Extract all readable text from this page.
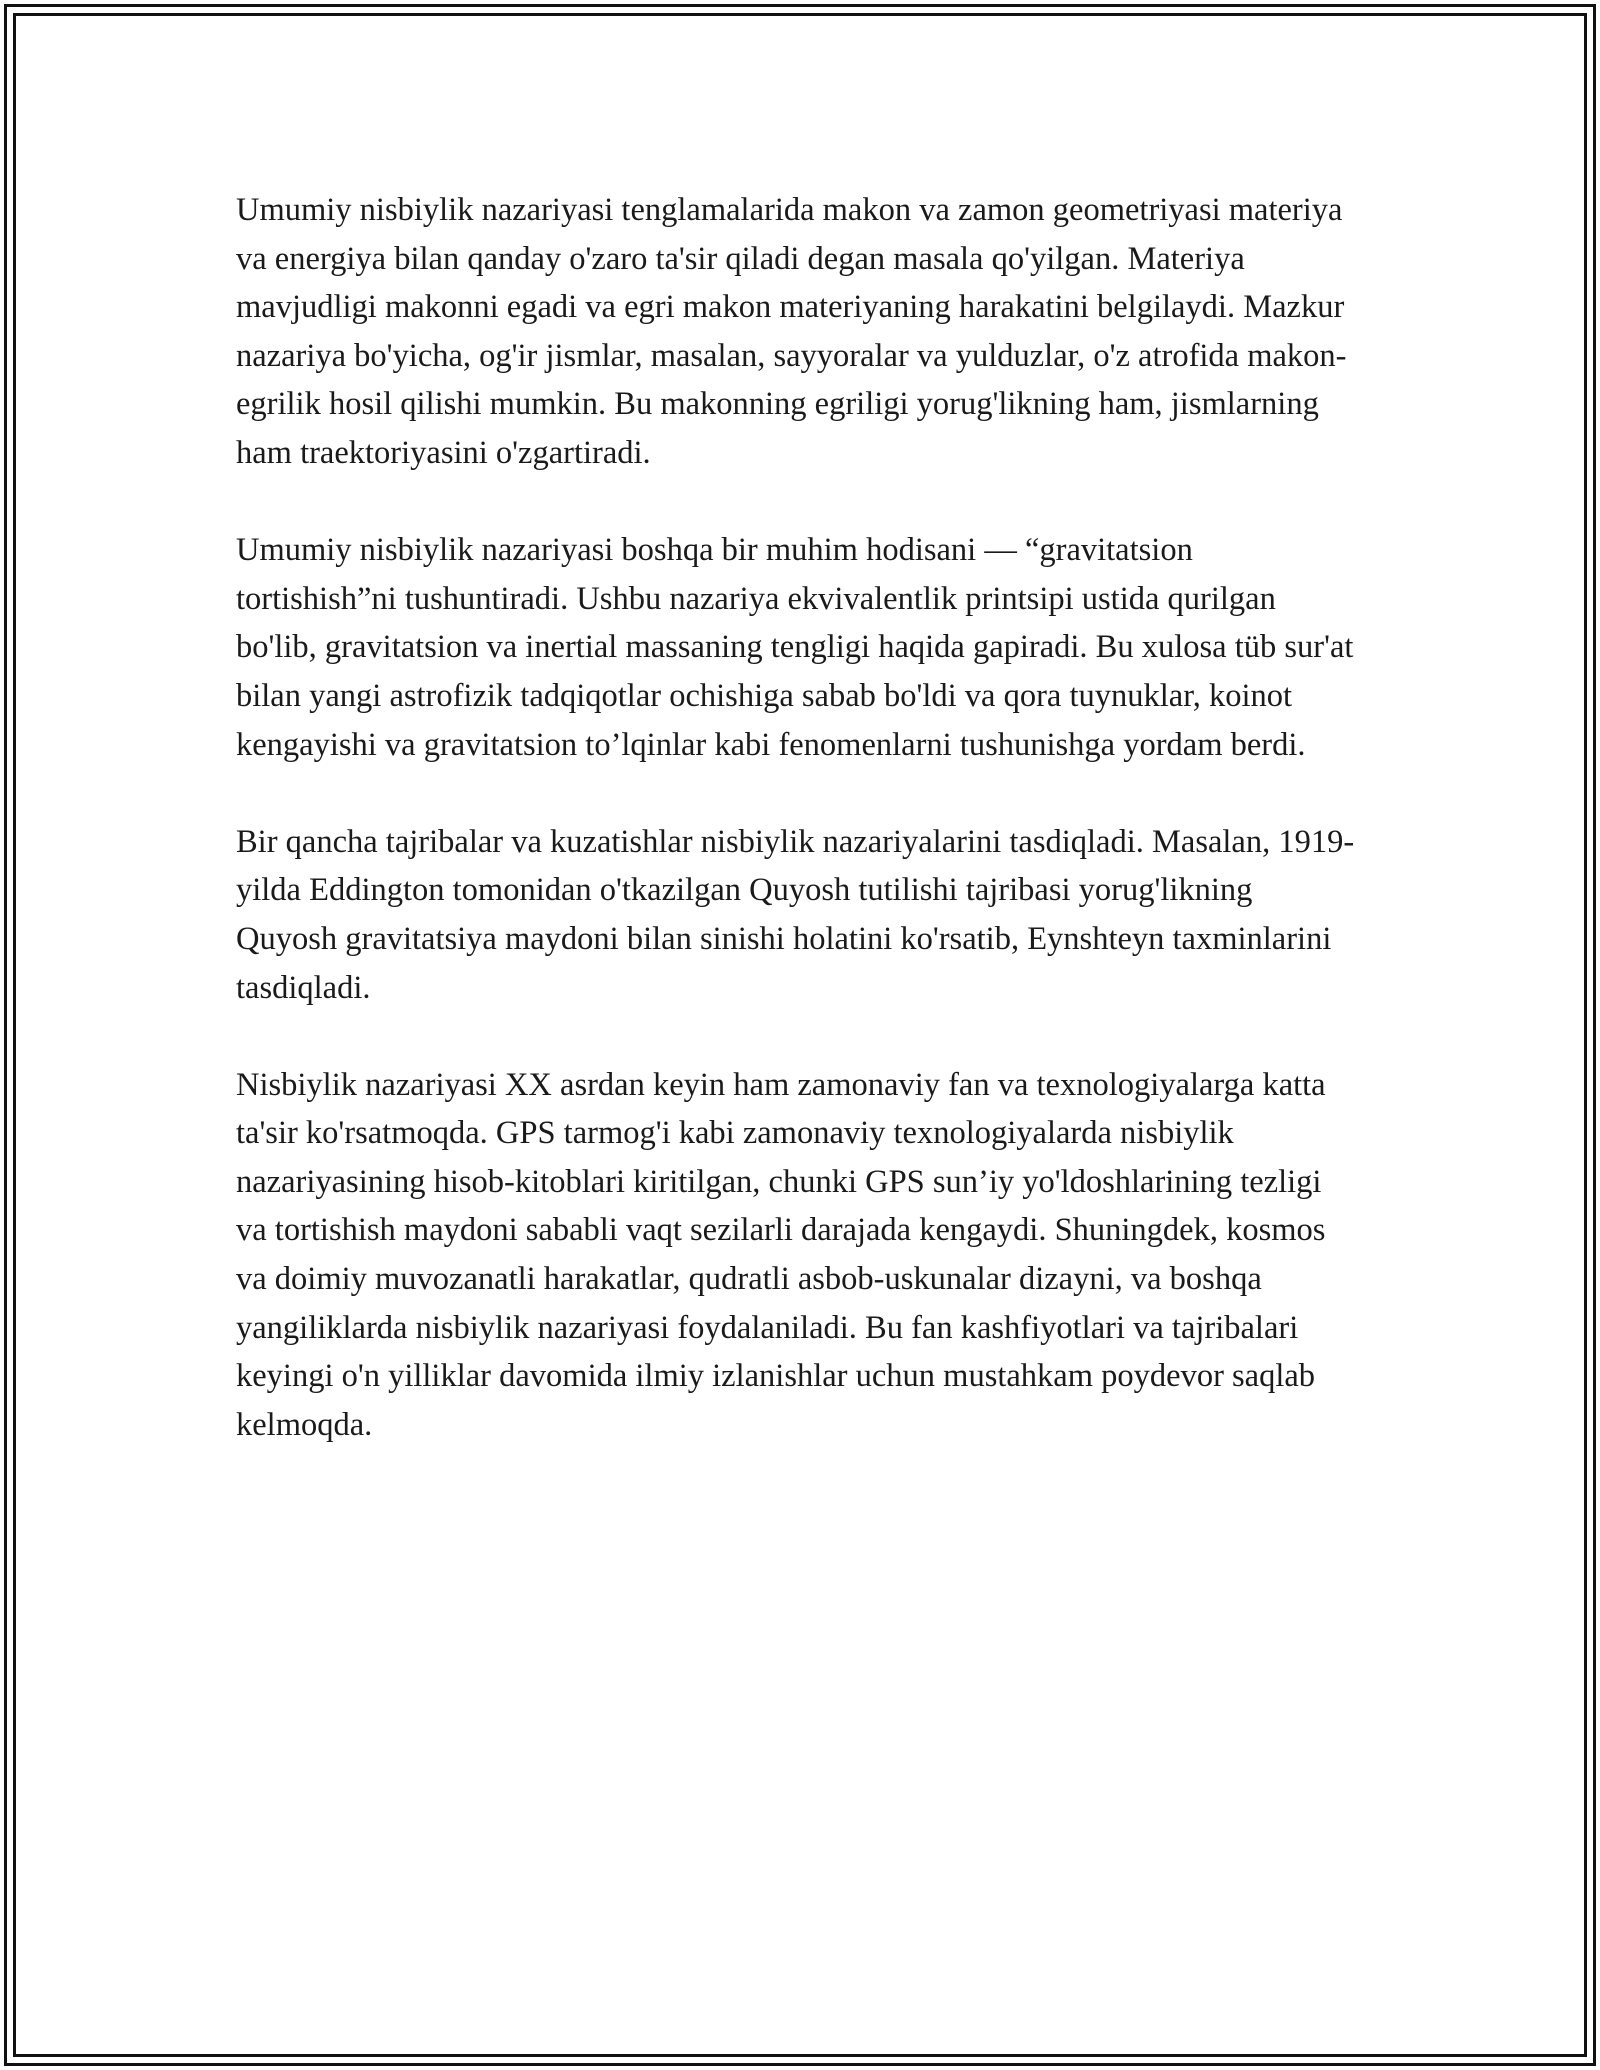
Umumiy nisbiylik nazariyasi tenglamalarida makon va zamon geometriyasi materiya va energiya bilan qanday o'zaro ta'sir qiladi degan masala qo'yilgan. Materiya mavjudligi makonni egadi va egri makon materiyaning harakatini belgilaydi. Mazkur nazariya bo'yicha, og'ir jismlar, masalan, sayyoralar va yulduzlar, o'z atrofida makon-egrilik hosil qilishi mumkin. Bu makonning egriligi yorug'likning ham, jismlarning ham traektoriyasini o'zgartiradi.

Umumiy nisbiylik nazariyasi boshqa bir muhim hodisani — “gravitatsion tortishish”ni tushuntiradi. Ushbu nazariya ekvivalentlik printsipi ustida qurilgan bo'lib, gravitatsion va inertial massaning tengligi haqida gapiradi. Bu xulosa tüb sur'at bilan yangi astrofizik tadqiqotlar ochishiga sabab bo'ldi va qora tuynuklar, koinot kengayishi va gravitatsion to’lqinlar kabi fenomenlarni tushunishga yordam berdi.

Bir qancha tajribalar va kuzatishlar nisbiylik nazariyalarini tasdiqladi. Masalan, 1919-yilda Eddington tomonidan o'tkazilgan Quyosh tutilishi tajribasi yorug'likning Quyosh gravitatsiya maydoni bilan sinishi holatini ko'rsatib, Eynshteyn taxminlarini tasdiqladi.

Nisbiylik nazariyasi XX asrdan keyin ham zamonaviy fan va texnologiyalarga katta ta'sir ko'rsatmoqda. GPS tarmog'i kabi zamonaviy texnologiyalarda nisbiylik nazariyasining hisob-kitoblari kiritilgan, chunki GPS sun’iy yo'ldoshlarining tezligi va tortishish maydoni sababli vaqt sezilarli darajada kengaydi. Shuningdek, kosmos va doimiy muvozanatli harakatlar, qudratli asbob-uskunalar dizayni, va boshqa yangiliklarda nisbiylik nazariyasi foydalaniladi. Bu fan kashfiyotlari va tajribalari keyingi o'n yilliklar davomida ilmiy izlanishlar uchun mustahkam poydevor saqlab kelmoqda.
